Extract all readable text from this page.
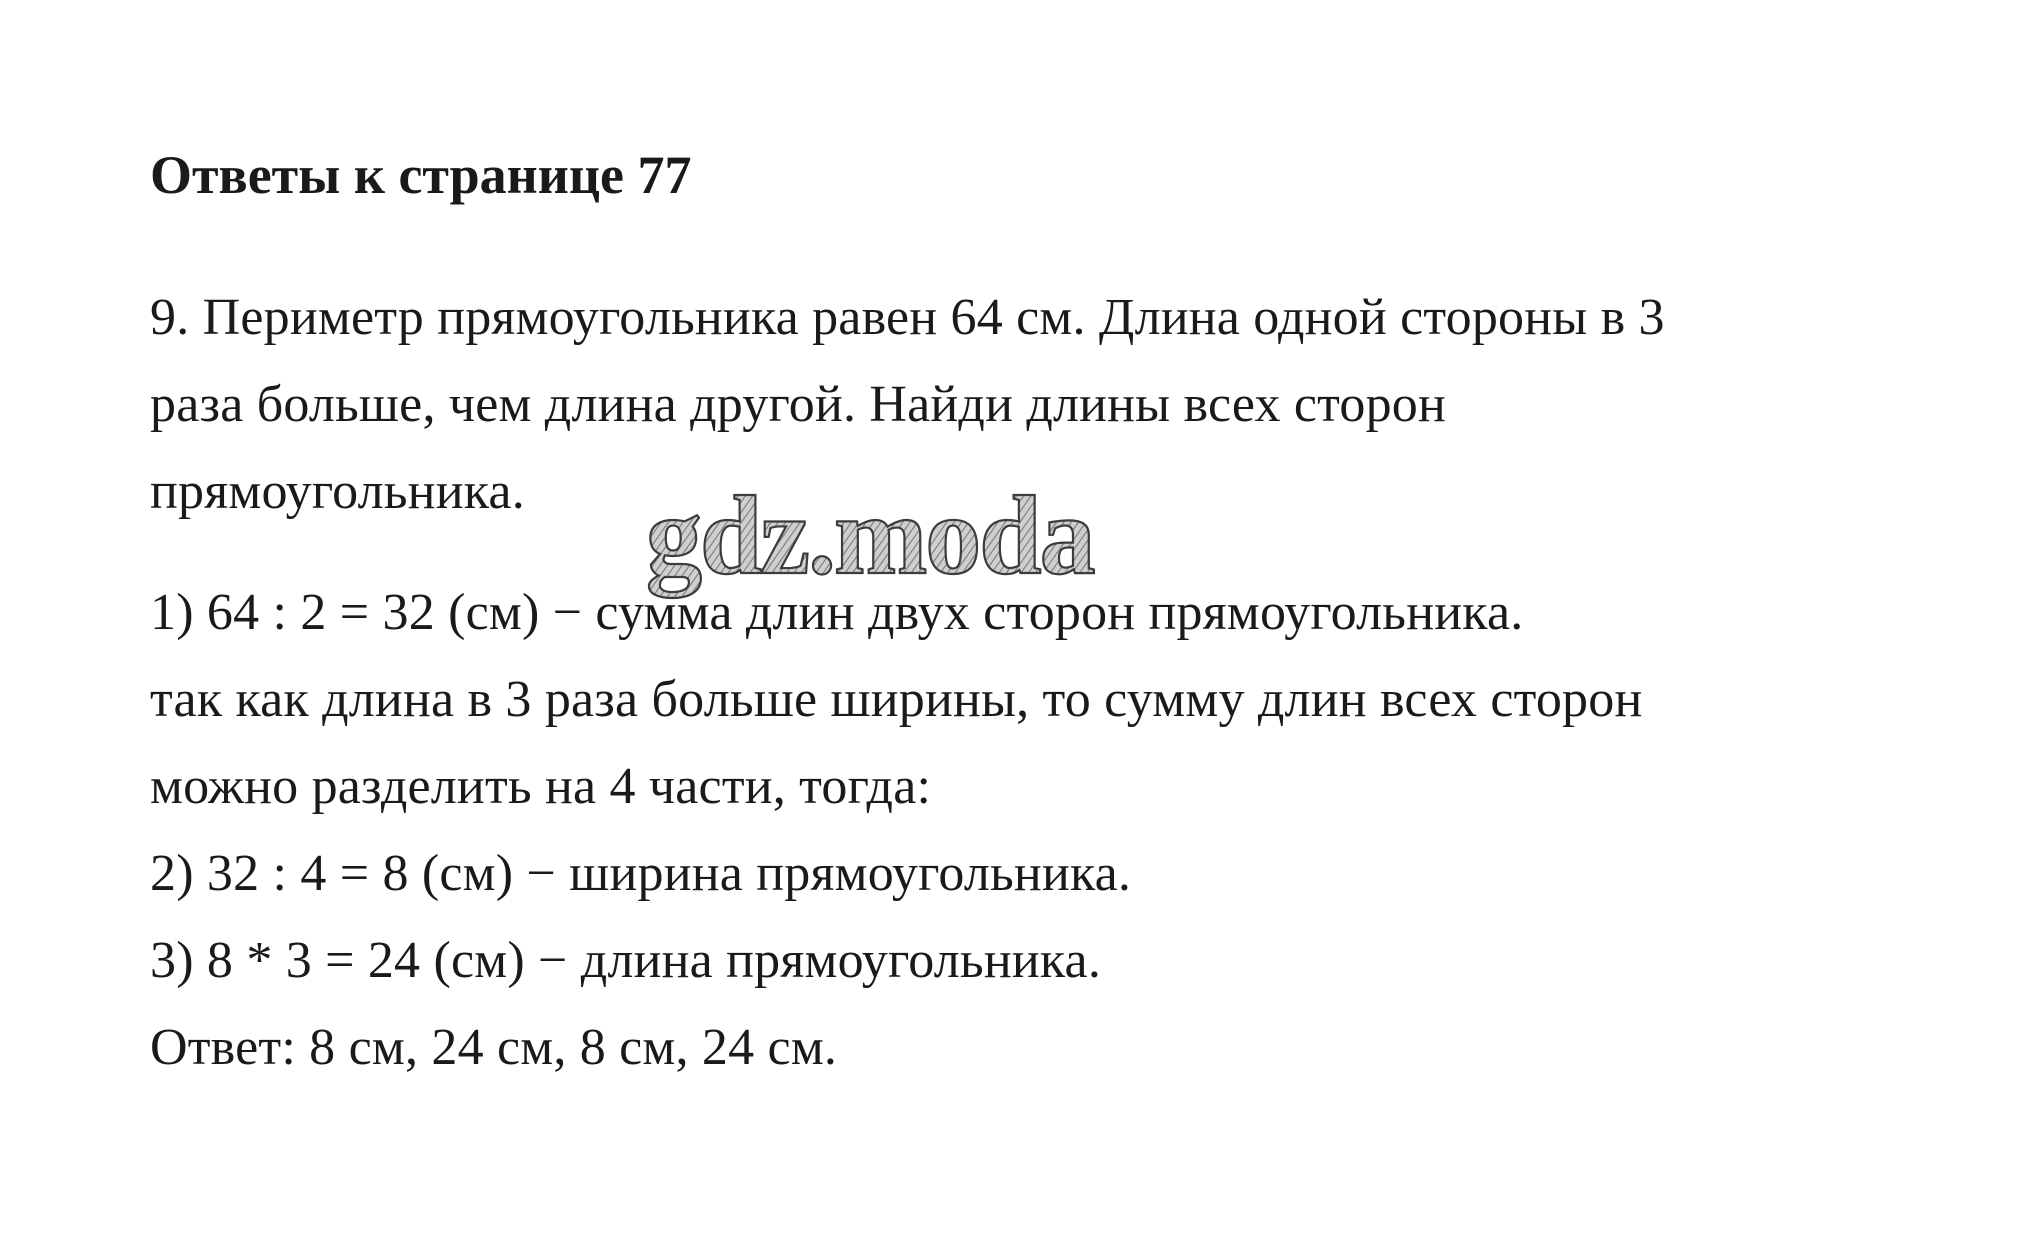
Ответы к странице 77
9. Периметр прямоугольника равен 64 см. Длина одной стороны в 3
раза больше, чем длина другой. Найди длины всех сторон
прямоугольника.
1) 64 : 2 = 32 (см) − сумма длин двух сторон прямоугольника.
так как длина в 3 раза больше ширины, то сумму длин всех сторон
можно разделить на 4 части, тогда:
2) 32 : 4 = 8 (см) − ширина прямоугольника.
3) 8 * 3 = 24 (см) − длина прямоугольника.
Ответ: 8 см, 24 см, 8 см, 24 см.
gdz.moda
